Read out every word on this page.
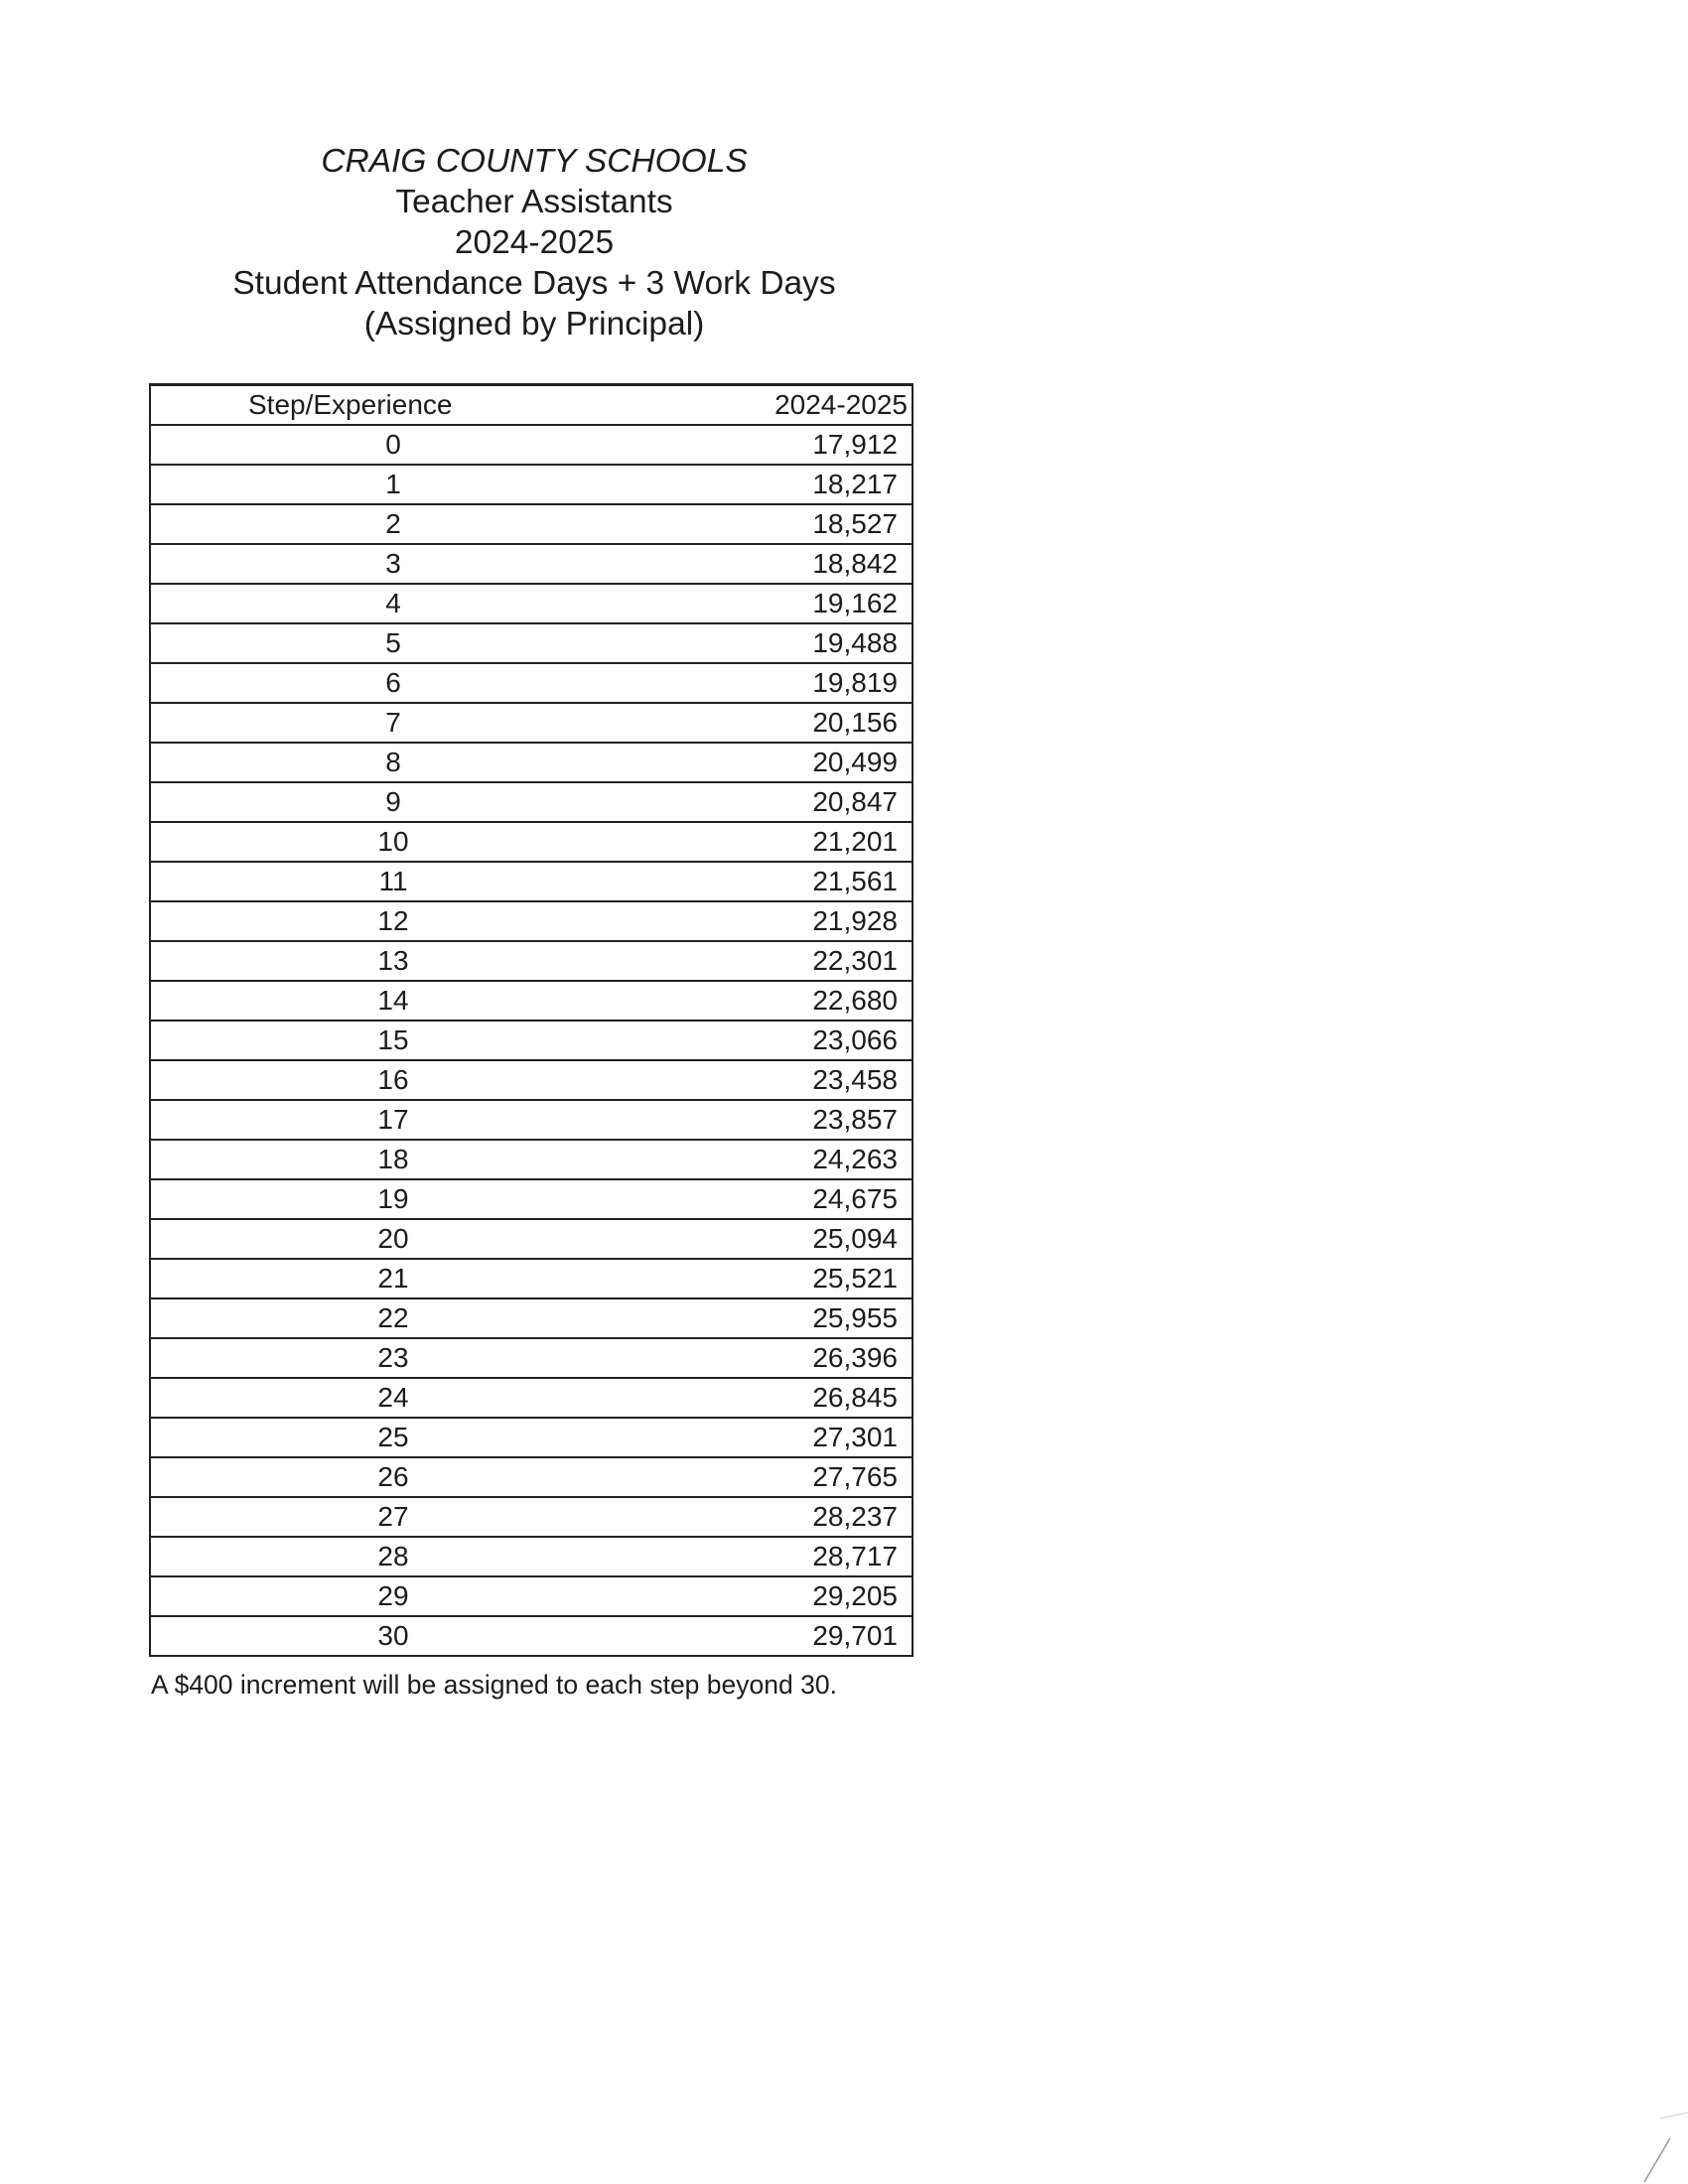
CRAIG COUNTY SCHOOLS
Teacher Assistants
2024-2025
Student Attendance Days + 3 Work Days
(Assigned by Principal)
Step/Experience	2024-2025
0	17,912
1	18,217
2	18,527
3	18,842
4	19,162
5	19,488
6	19,819
7	20,156
8	20,499
9	20,847
10	21,201
11	21,561
12	21,928
13	22,301
14	22,680
15	23,066
16	23,458
17	23,857
18	24,263
19	24,675
20	25,094
21	25,521
22	25,955
23	26,396
24	26,845
25	27,301
26	27,765
27	28,237
28	28,717
29	29,205
30	29,701
A $400 increment will be assigned to each step beyond 30.
